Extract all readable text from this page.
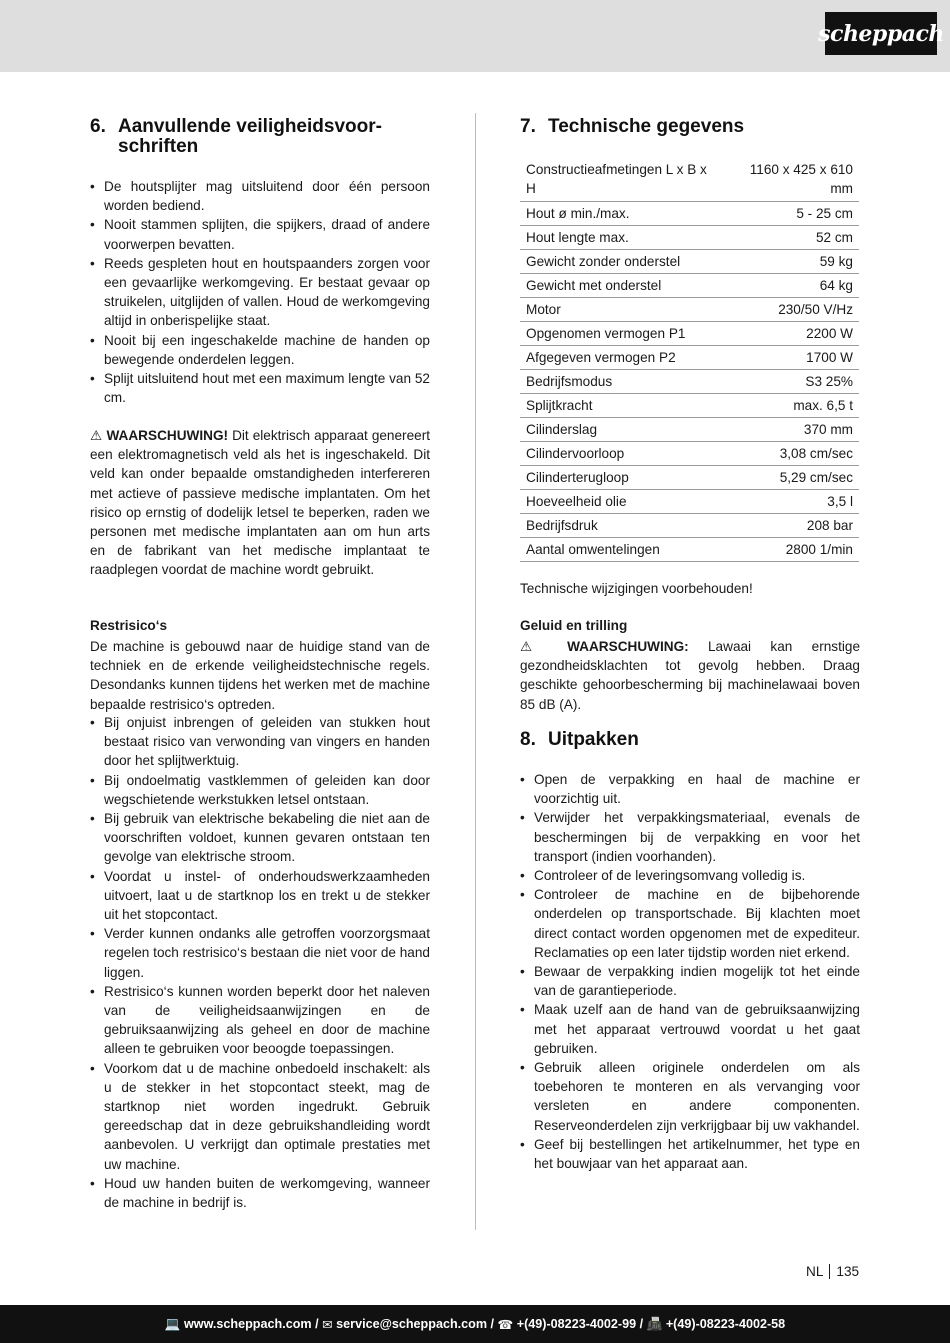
scheppach
6. Aanvullende veiligheidsvoor-
schriften
• De houtsplijter mag uitsluitend door één persoon worden bediend.
• Nooit stammen splijten, die spijkers, draad of andere voorwerpen bevatten.
• Reeds gespleten hout en houtspaanders zorgen voor een gevaarlijke werkomgeving. Er bestaat gevaar op struikelen, uitglijden of vallen. Houd de werkomgeving altijd in onberispelijke staat.
• Nooit bij een ingeschakelde machine de handen op bewegende onderdelen leggen.
• Splijt uitsluitend hout met een maximum lengte van 52 cm.

⚠ WAARSCHUWING! Dit elektrisch apparaat genereert een elektromagnetisch veld als het is ingeschakeld. Dit veld kan onder bepaalde omstandigheden interfereren met actieve of passieve medische implantaten. Om het risico op ernstig of dodelijk letsel te beperken, raden we personen met medische implantaten aan om hun arts en de fabrikant van het medische implantaat te raadplegen voordat de machine wordt gebruikt.

Restrisico‘s

De machine is gebouwd naar de huidige stand van de techniek en de erkende veiligheidstechnische regels. Desondanks kunnen tijdens het werken met de machine bepaalde restrisico‘s optreden.

• Bij onjuist inbrengen of geleiden van stukken hout bestaat risico van verwonding van vingers en handen door het splijtwerktuig.
• Bij ondoelmatig vastklemmen of geleiden kan door wegschietende werkstukken letsel ontstaan.
• Bij gebruik van elektrische bekabeling die niet aan de voorschriften voldoet, kunnen gevaren ontstaan ten gevolge van elektrische stroom.
• Voordat u instel- of onderhoudswerkzaamheden uitvoert, laat u de startknop los en trekt u de stekker uit het stopcontact.
• Verder kunnen ondanks alle getroffen voorzorgsmaat regelen toch restrisico‘s bestaan die niet voor de hand liggen.
• Restrisico‘s kunnen worden beperkt door het naleven van de veiligheidsaanwijzingen en de gebruiksaanwijzing als geheel en door de machine alleen te gebruiken voor beoogde toepassingen.
• Voorkom dat u de machine onbedoeld inschakelt: als u de stekker in het stopcontact steekt, mag de startknop niet worden ingedrukt. Gebruik gereedschap dat in deze gebruikshandleiding wordt aanbevolen. U verkrijgt dan optimale prestaties met uw machine.
• Houd uw handen buiten de werkomgeving, wanneer de machine in bedrijf is.
7. Technische gegevens
Constructieafmetingen L x B x H	1160 x 425 x 610 mm
Hout ø min./max.	5 - 25 cm
Hout lengte max.	52 cm
Gewicht zonder onderstel	59 kg
Gewicht met onderstel	64 kg
Motor	230/50 V/Hz
Opgenomen vermogen P1	2200 W
Afgegeven vermogen P2	1700 W
Bedrijfsmodus	S3 25%
Splijtkracht	max. 6,5 t
Cilinderslag	370 mm
Cilindervoorloop	3,08 cm/sec
Cilinderterugloop	5,29 cm/sec
Hoeveelheid olie	3,5 l
Bedrijfsdruk	208 bar
Aantal omwentelingen	2800 1/min

Technische wijzigingen voorbehouden!

Geluid en trilling

⚠ WAARSCHUWING: Lawaai kan ernstige gezondheidsklachten tot gevolg hebben. Draag geschikte gehoorbescherming bij machinelawaai boven 85 dB (A).

8. Uitpakken
• Open de verpakking en haal de machine er voorzichtig uit.
• Verwijder het verpakkingsmateriaal, evenals de beschermingen bij de verpakking en voor het transport (indien voorhanden).
• Controleer of de leveringsomvang volledig is.
• Controleer de machine en de bijbehorende onderdelen op transportschade. Bij klachten moet direct contact worden opgenomen met de expediteur. Reclamaties op een later tijdstip worden niet erkend.
• Bewaar de verpakking indien mogelijk tot het einde van de garantieperiode.
• Maak uzelf aan de hand van de gebruiksaanwijzing met het apparaat vertrouwd voordat u het gaat gebruiken.
• Gebruik alleen originele onderdelen om als toebehoren te monteren en als vervanging voor versleten en andere componenten. Reserveonderdelen zijn verkrijgbaar bij uw vakhandel.
• Geef bij bestellingen het artikelnummer, het type en het bouwjaar van het apparaat aan.
NL 135
💻
www.scheppach.com / ✉
service@scheppach.com / ☎
+(49)-08223-4002-99 / 📠
+(49)-08223-4002-58
